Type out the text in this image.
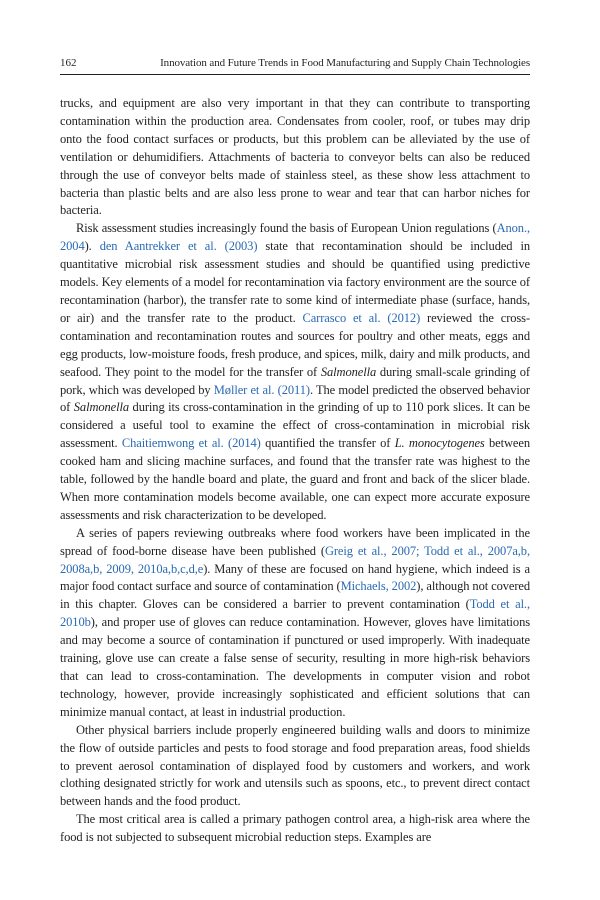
162	Innovation and Future Trends in Food Manufacturing and Supply Chain Technologies

trucks, and equipment are also very important in that they can contribute to transporting contamination within the production area. Condensates from cooler, roof, or tubes may drip onto the food contact surfaces or products, but this problem can be alleviated by the use of ventilation or dehumidifiers. Attachments of bacteria to conveyor belts can also be reduced through the use of conveyor belts made of stainless steel, as these show less attachment to bacteria than plastic belts and are also less prone to wear and tear that can harbor niches for bacteria.

Risk assessment studies increasingly found the basis of European Union regulations (Anon., 2004). den Aantrekker et al. (2003) state that recontamination should be included in quantitative microbial risk assessment studies and should be quantified using predictive models. Key elements of a model for recontamination via factory environment are the source of recontamination (harbor), the transfer rate to some kind of intermediate phase (surface, hands, or air) and the transfer rate to the product. Carrasco et al. (2012) reviewed the cross-contamination and recontamination routes and sources for poultry and other meats, eggs and egg products, low-moisture foods, fresh produce, and spices, milk, dairy and milk products, and seafood. They point to the model for the transfer of Salmonella during small-scale grinding of pork, which was developed by Møller et al. (2011). The model predicted the observed behavior of Salmonella during its cross-contamination in the grinding of up to 110 pork slices. It can be considered a useful tool to examine the effect of cross-contamination in microbial risk assessment. Chaitiemwong et al. (2014) quantified the transfer of L. monocytogenes between cooked ham and slicing machine surfaces, and found that the transfer rate was highest to the table, followed by the handle board and plate, the guard and front and back of the slicer blade. When more contamination models become available, one can expect more accurate exposure assessments and risk characterization to be developed.

A series of papers reviewing outbreaks where food workers have been implicated in the spread of food-borne disease have been published (Greig et al., 2007; Todd et al., 2007a,b, 2008a,b, 2009, 2010a,b,c,d,e). Many of these are focused on hand hygiene, which indeed is a major food contact surface and source of contamination (Michaels, 2002), although not covered in this chapter. Gloves can be considered a barrier to prevent contamination (Todd et al., 2010b), and proper use of gloves can reduce contamination. However, gloves have limitations and may become a source of contamination if punctured or used improperly. With inadequate training, glove use can create a false sense of security, resulting in more high-risk behaviors that can lead to cross-contamination. The developments in computer vision and robot technology, however, provide increasingly sophisticated and efficient solutions that can minimize manual contact, at least in industrial production.

Other physical barriers include properly engineered building walls and doors to minimize the flow of outside particles and pests to food storage and food preparation areas, food shields to prevent aerosol contamination of displayed food by customers and workers, and work clothing designated strictly for work and utensils such as spoons, etc., to prevent direct contact between hands and the food product.

The most critical area is called a primary pathogen control area, a high-risk area where the food is not subjected to subsequent microbial reduction steps. Examples are
